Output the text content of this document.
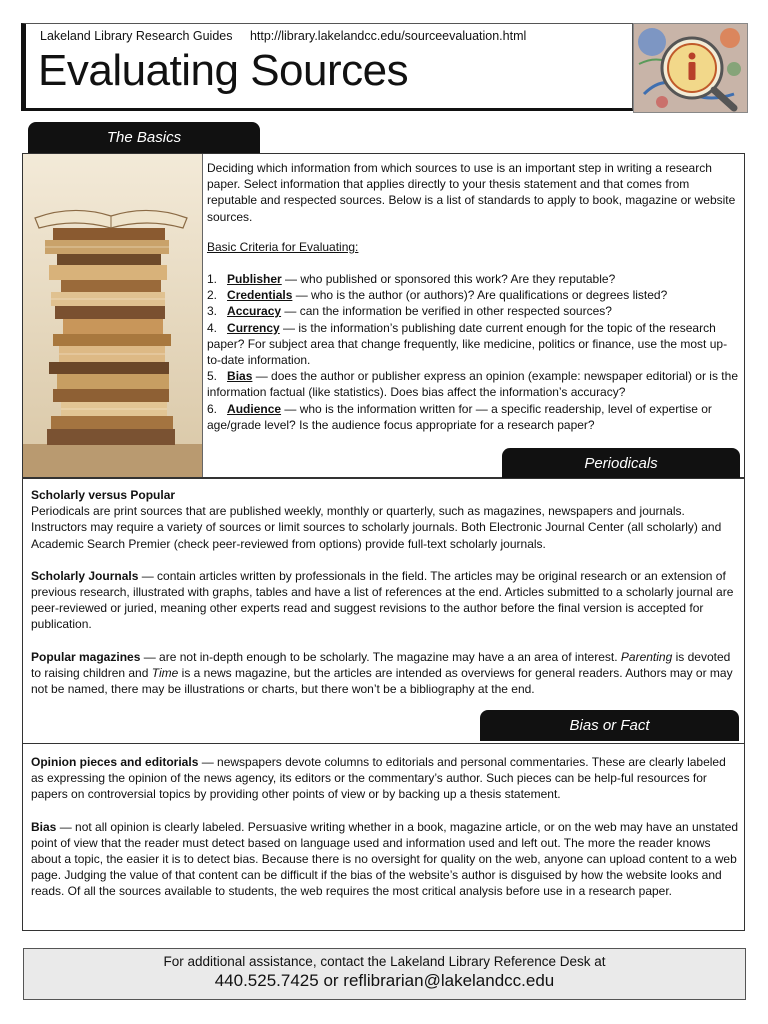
Lakeland Library Research Guides http://library.lakelandcc.edu/sourceevaluation.html
Evaluating Sources
The Basics

Deciding which information from which sources to use is an important step in writing a research paper. Select information that applies directly to your thesis statement and that comes from reputable and respected sources. Below is a list of standards to apply to book, magazine or website sources.

Basic Criteria for Evaluating:

1. Publisher — who published or sponsored this work? Are they reputable?

2. Credentials — who is the author (or authors)? Are qualifications or degrees listed?

3. Accuracy — can the information be verified in other respected sources?

4. Currency — is the information’s publishing date current enough for the topic of the research paper? For subject area that change frequently, like medicine, politics or finance, use the most up-to-date information.

5. Bias — does the author or publisher express an opinion (example: newspaper editorial) or is the information factual (like statistics). Does bias affect the information’s accuracy?

6. Audience — who is the information written for — a specific readership, level of expertise or age/grade level? Is the audience focus appropriate for a research paper?

Periodicals

Scholarly versus Popular
Periodicals are print sources that are published weekly, monthly or quarterly, such as magazines, newspapers and journals. Instructors may require a variety of sources or limit sources to scholarly journals. Both Electronic Journal Center (all scholarly) and Academic Search Premier (check peer-reviewed from options) provide full-text scholarly journals.

Scholarly Journals — contain articles written by professionals in the field. The articles may be original research or an extension of previous research, illustrated with graphs, tables and have a list of references at the end. Articles submitted to a scholarly journal are peer-reviewed or juried, meaning other experts read and suggest revisions to the author before the final version is accepted for publication.

Popular magazines — are not in-depth enough to be scholarly. The magazine may have a an area of interest. Parenting is devoted to raising children and Time is a news magazine, but the articles are intended as overviews for general readers. Authors may or may not be named, there may be illustrations or charts, but there won’t be a bibliography at the end.

Bias or Fact

Opinion pieces and editorials — newspapers devote columns to editorials and personal commentaries. These are clearly labeled as expressing the opinion of the news agency, its editors or the commentary’s author. Such pieces can be help-ful resources for papers on controversial topics by providing other points of view or by backing up a thesis statement.

Bias — not all opinion is clearly labeled. Persuasive writing whether in a book, magazine article, or on the web may have an unstated point of view that the reader must detect based on language used and information used and left out. The more the reader knows about a topic, the easier it is to detect bias. Because there is no oversight for quality on the web, anyone can upload content to a web page. Judging the value of that content can be difficult if the bias of the website’s author is disguised by how the website looks and reads. Of all the sources available to students, the web requires the most critical analysis before use in a research paper.

For additional assistance, contact the Lakeland Library Reference Desk at
440.525.7425 or reflibrarian@lakelandcc.edu
